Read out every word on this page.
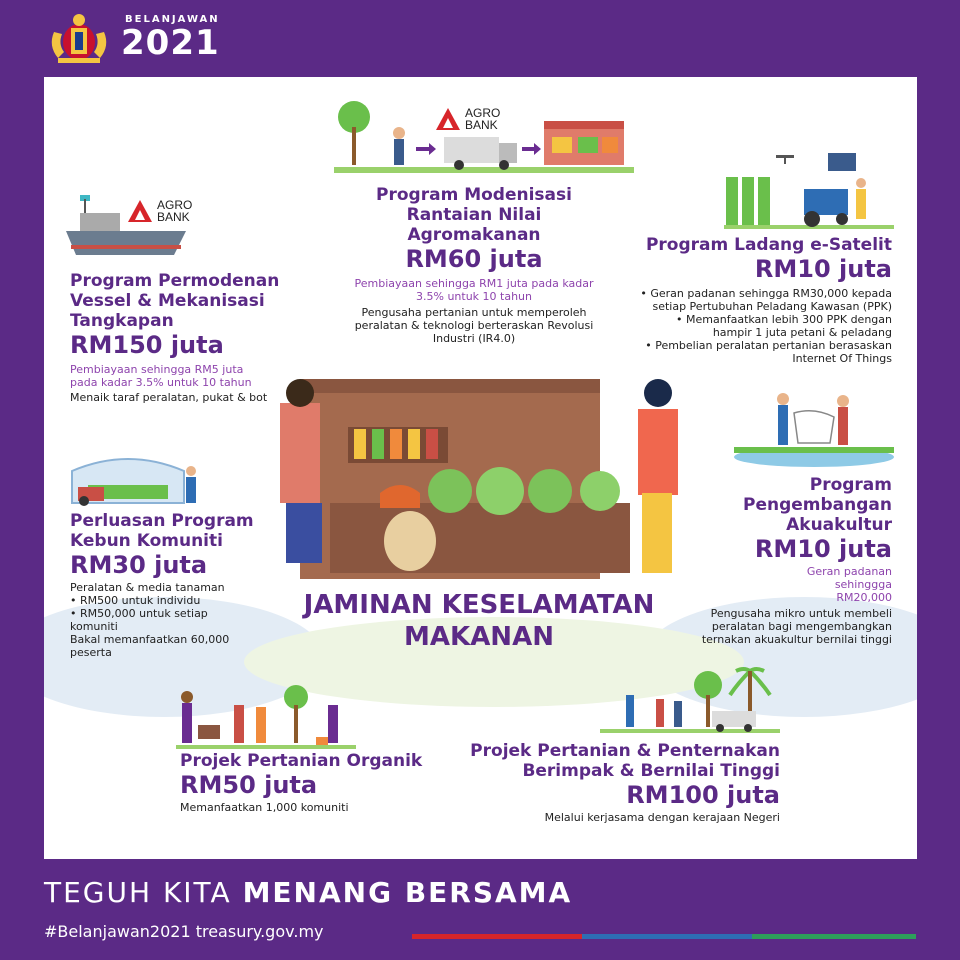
BELANJAWAN
2021
AGRO
BANK
Program Modenisasi Rantaian Nilai Agromakanan
RM60 juta
Pembiayaan sehingga RM1 juta pada kadar 3.5% untuk 10 tahun
Pengusaha pertanian untuk memperoleh peralatan & teknologi berteraskan Revolusi Industri (IR4.0)
AGRO
BANK
Program Permodenan Vessel & Mekanisasi Tangkapan
RM150 juta
Pembiayaan sehingga RM5 juta pada kadar 3.5% untuk 10 tahun
Menaik taraf peralatan, pukat & bot
Program Ladang e-Satelit
RM10 juta
• Geran padanan sehingga RM30,000 kepada setiap Pertubuhan Peladang Kawasan (PPK)
• Memanfaatkan lebih 300 PPK dengan hampir 1 juta petani & peladang
• Pembelian peralatan pertanian berasaskan Internet Of Things
JAMINAN KESELAMATAN
MAKANAN
Perluasan Program Kebun Komuniti
RM30 juta
Peralatan & media tanaman
• RM500 untuk individu
• RM50,000 untuk setiap komuniti
Bakal memanfaatkan 60,000 peserta
Program Pengembangan Akuakultur
RM10 juta
Geran padanan sehinggga RM20,000
Pengusaha mikro untuk membeli peralatan bagi mengembangkan ternakan akuakultur bernilai tinggi
Projek Pertanian Organik
RM50 juta
Memanfaatkan 1,000 komuniti
Projek Pertanian & Penternakan Berimpak & Bernilai Tinggi
RM100 juta
Melalui kerjasama dengan kerajaan Negeri
TEGUH KITA MENANG BERSAMA
#Belanjawan2021 treasury.gov.my
